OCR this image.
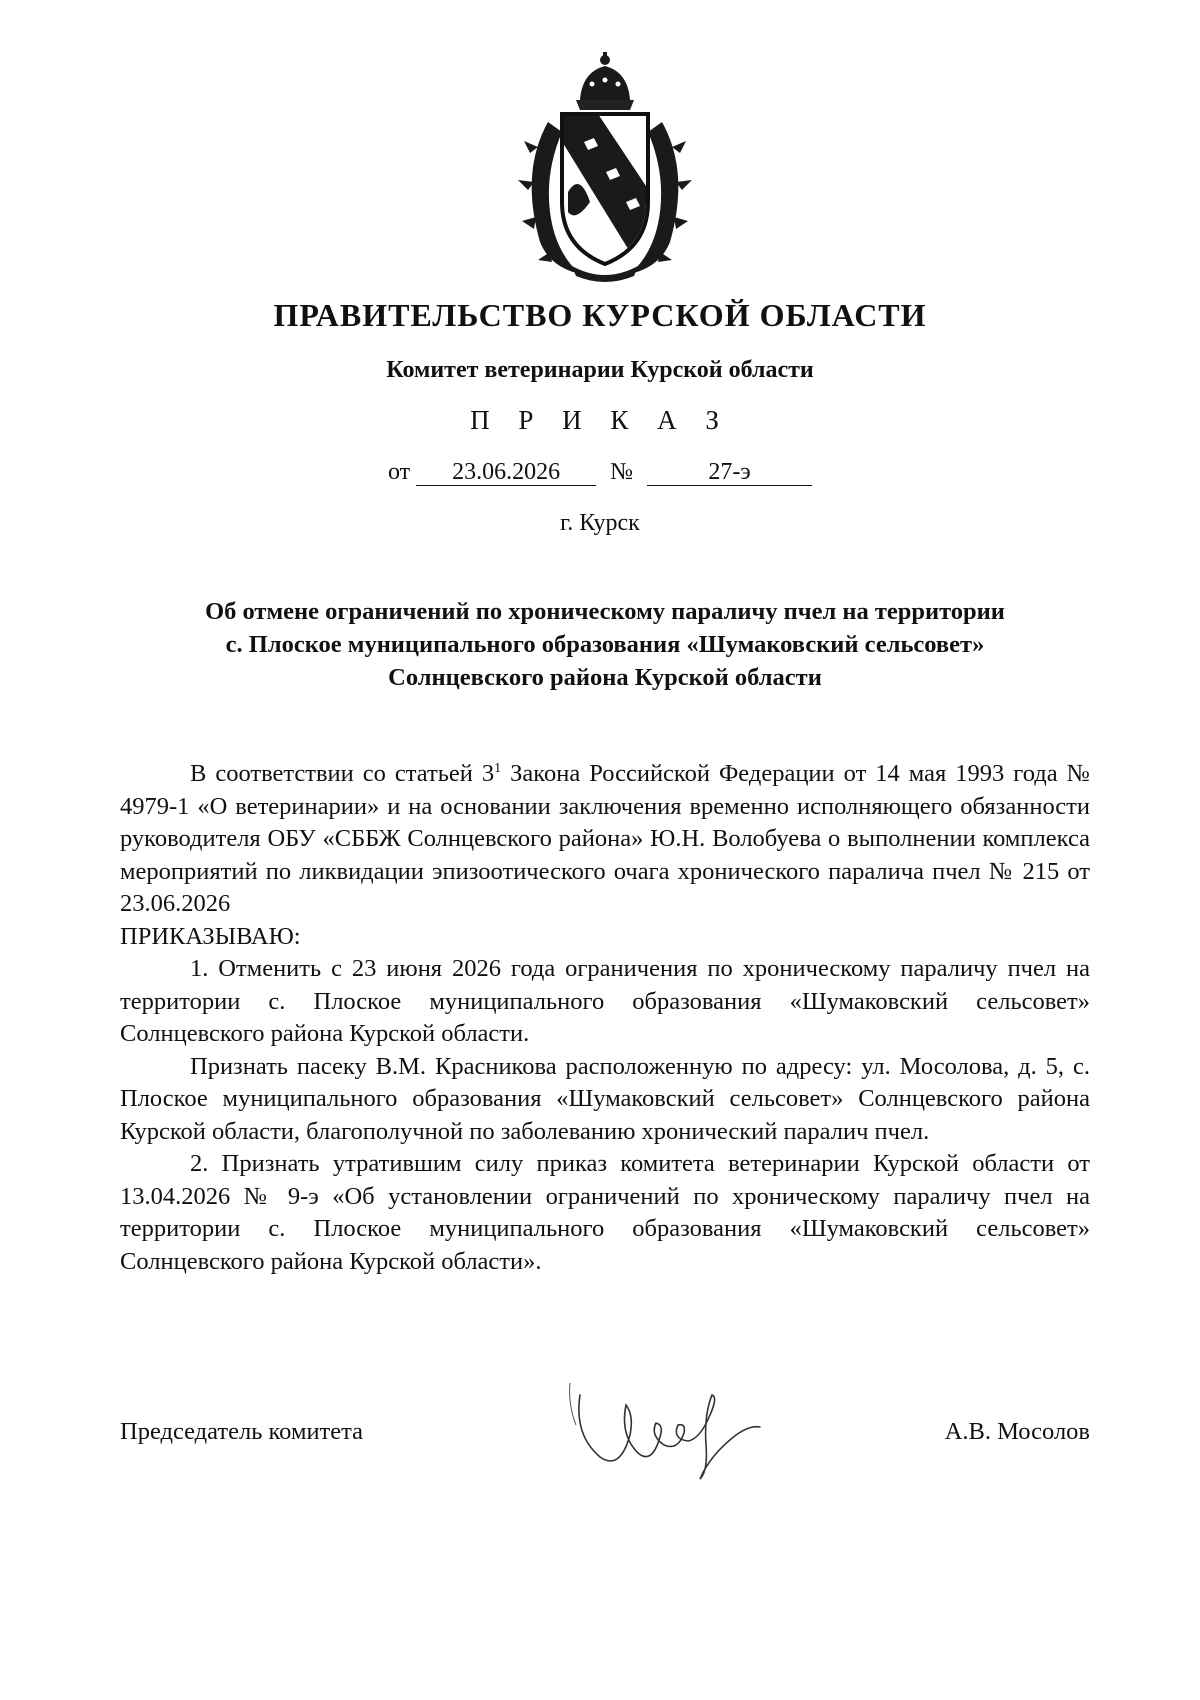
ПРАВИТЕЛЬСТВО КУРСКОЙ ОБЛАСТИ
Комитет ветеринарии Курской области
П Р И К А З
от 23.06.2026 №	27-э
г. Курск
Об отмене ограничений по хроническому параличу пчел на территории
с. Плоское муниципального образования «Шумаковский сельсовет»
Солнцевского района Курской области

В соответствии со статьей $3^1$ Закона Российской Федерации от 14 мая 1993 года № 4979-1 «О ветеринарии» и на основании заключения временно исполняющего обязанности руководителя ОБУ «СББЖ Солнцевского района» Ю.Н. Волобуева о выполнении комплекса мероприятий по ликвидации эпизоотического очага хронического паралича пчел № 215 от 23.06.2026

ПРИКАЗЫВАЮ:

1. Отменить с 23 июня 2026 года ограничения по хроническому параличу пчел на территории с. Плоское муниципального образования «Шумаковский сельсовет» Солнцевского района Курской области.

Признать пасеку В.М. Красникова расположенную по адресу: ул. Мосолова, д. 5, с. Плоское муниципального образования «Шумаковский сельсовет» Солнцевского района Курской области, благополучной по заболеванию хронический паралич пчел.

2. Признать утратившим силу приказ комитета ветеринарии Курской области от 13.04.2026 № 9-э «Об установлении ограничений по хроническому параличу пчел на территории с. Плоское муниципального образования «Шумаковский сельсовет» Солнцевского района Курской области».

Председатель комитета	А.В. Мосолов
